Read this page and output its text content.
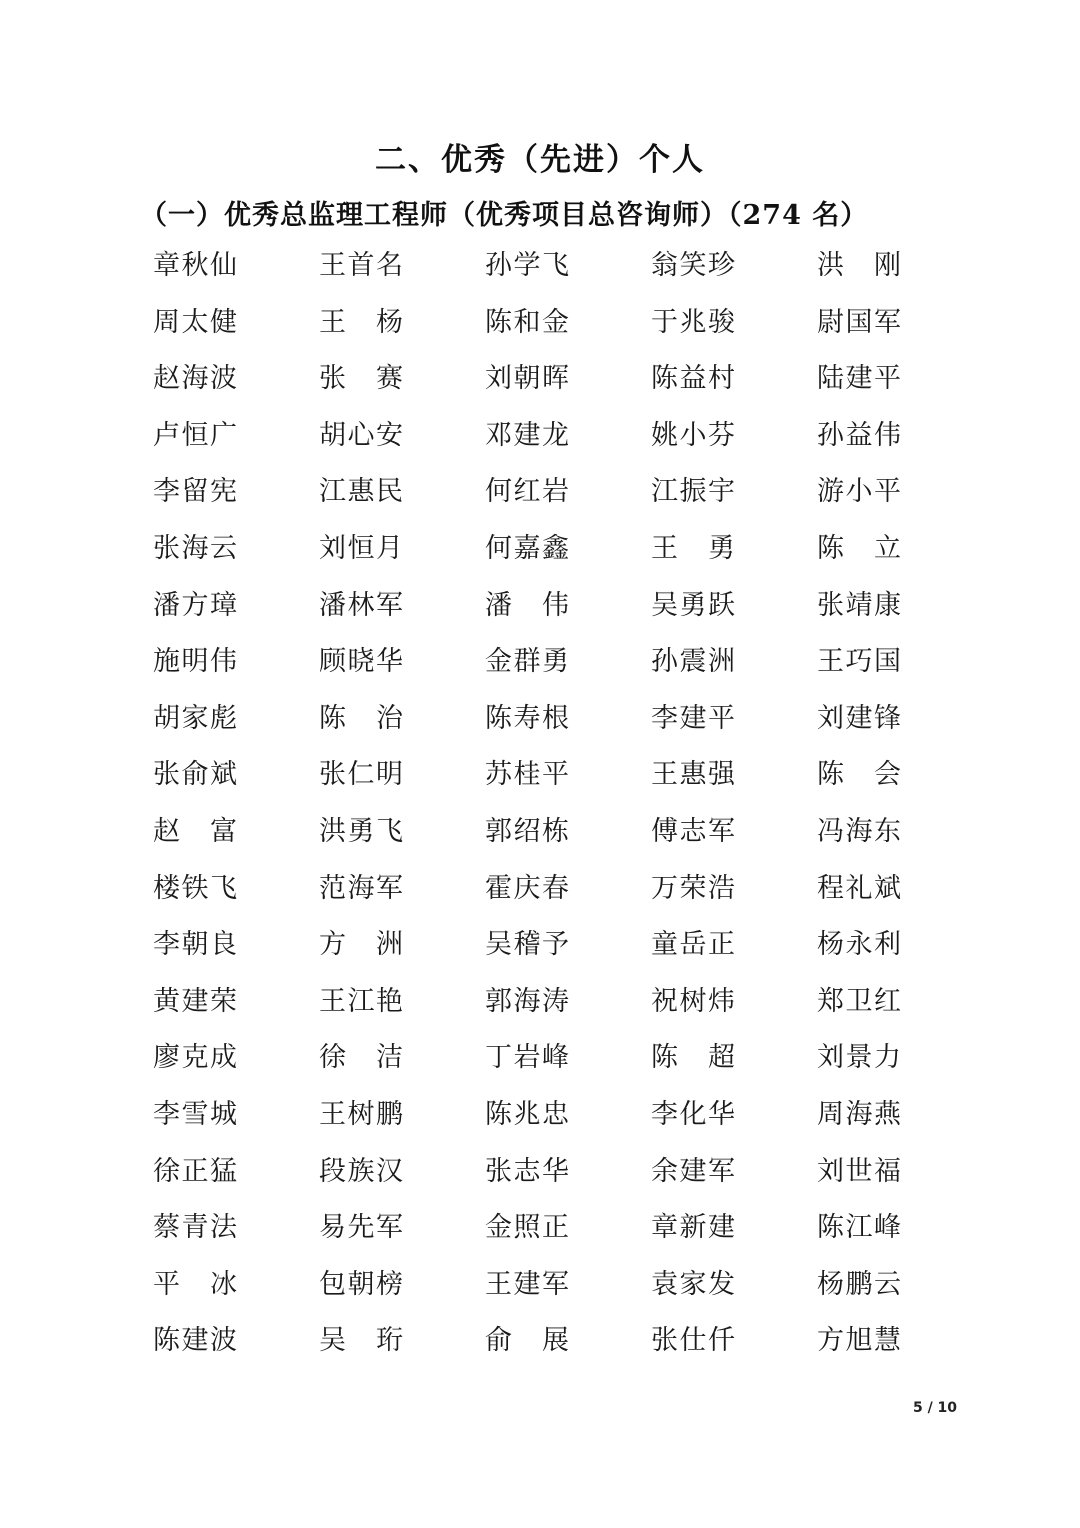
二、优秀（先进）个人
（一）优秀总监理工程师（优秀项目总咨询师）（274 名）
章秋仙	王首名	孙学飞	翁笑珍	洪　刚
周太健	王　杨	陈和金	于兆骏	尉国军
赵海波	张　赛	刘朝晖	陈益村	陆建平
卢恒广	胡心安	邓建龙	姚小芬	孙益伟
李留宪	江惠民	何红岩	江振宇	游小平
张海云	刘恒月	何嘉鑫	王　勇	陈　立
潘方璋	潘林军	潘　伟	吴勇跃	张靖康
施明伟	顾晓华	金群勇	孙震洲	王巧国
胡家彪	陈　治	陈寿根	李建平	刘建锋
张俞斌	张仁明	苏桂平	王惠强	陈　会
赵　富	洪勇飞	郭绍栋	傅志军	冯海东
楼铁飞	范海军	霍庆春	万荣浩	程礼斌
李朝良	方　洲	吴稽予	童岳正	杨永利
黄建荣	王江艳	郭海涛	祝树炜	郑卫红
廖克成	徐　洁	丁岩峰	陈　超	刘景力
李雪城	王树鹏	陈兆忠	李化华	周海燕
徐正猛	段族汉	张志华	余建军	刘世福
蔡青法	易先军	金照正	章新建	陈江峰
平　冰	包朝榜	王建军	袁家发	杨鹏云
陈建波	吴　珩	俞　展	张仕仟	方旭慧
5 / 10
